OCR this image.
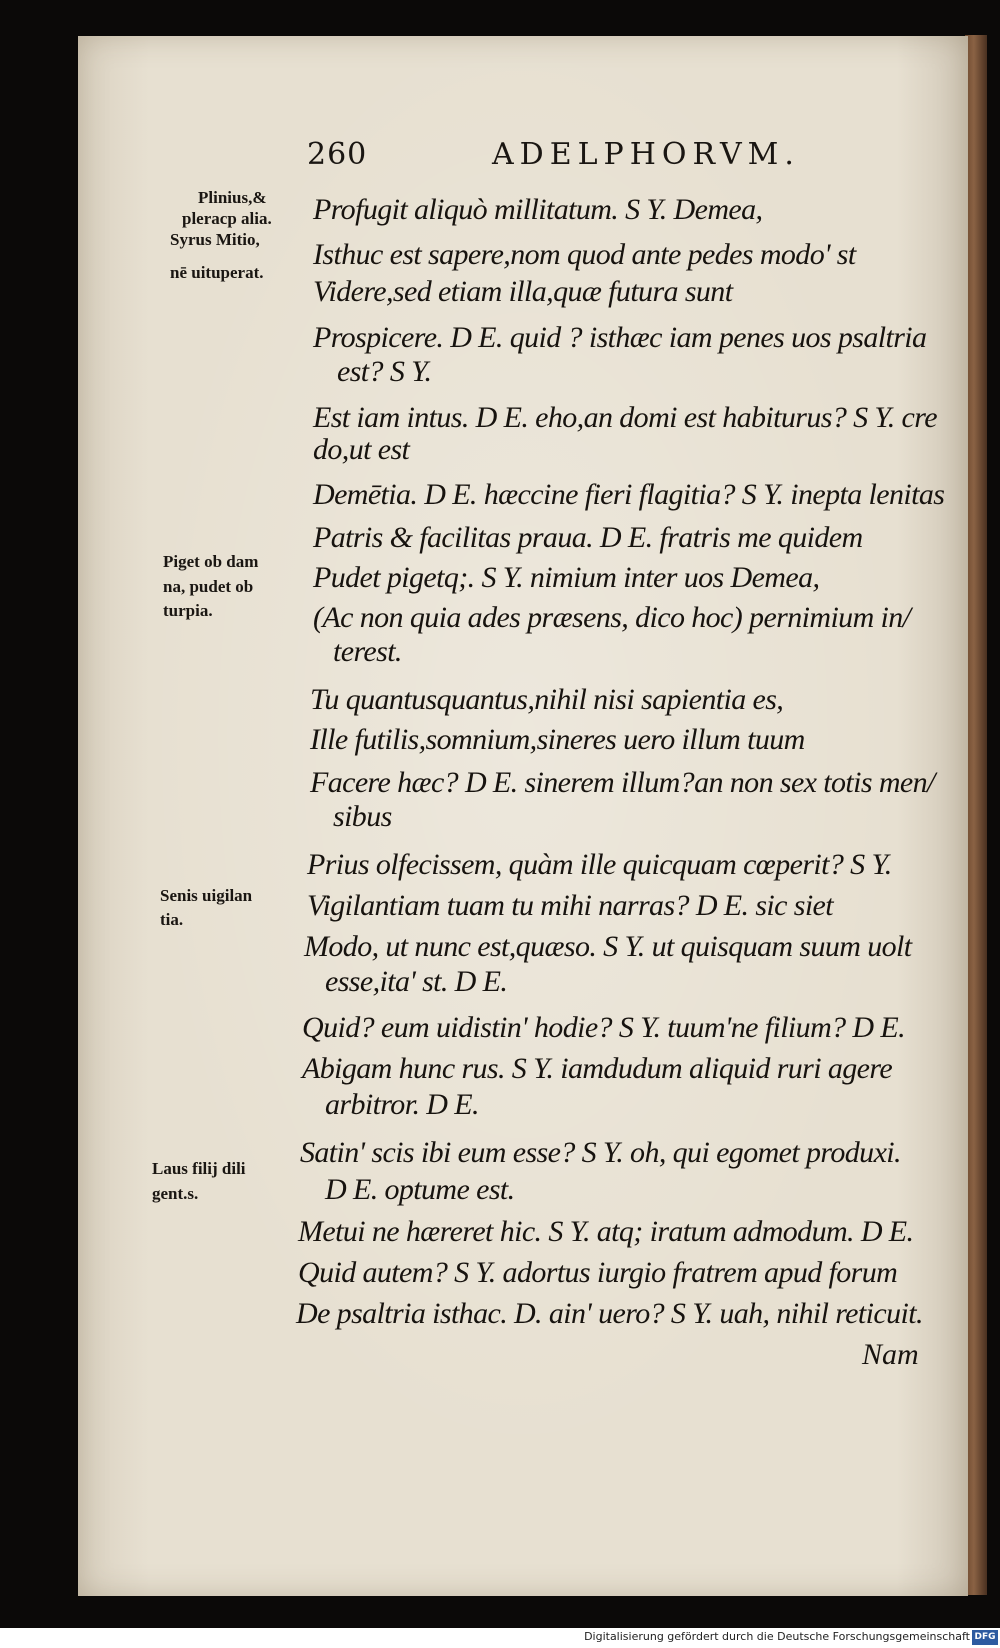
260	ADELPHORVM.
Plinius,&
pleracp alia.
Syrus Mitio,
nē uituperat.
Piget ob dam
na, pudet ob
turpia.
Senis uigilan
tia.
Laus filij dili
gent.s.
Profugit aliquò millitatum. S Y. Demea,
Isthuc est sapere,nom quod ante pedes modo' st
Videre,sed etiam illa,quæ futura sunt
Prospicere. D E. quid ? isthæc iam penes uos psaltria
est? S Y.
Est iam intus. D E. eho,an domi est habiturus? S Y. cre
do,ut est
Demētia. D E. hæccine fieri flagitia? S Y. inepta lenitas
Patris & facilitas praua. D E. fratris me quidem
Pudet pigetq;. S Y. nimium inter uos Demea,
(Ac non quia ades præsens, dico hoc) pernimium in/
terest.
Tu quantusquantus,nihil nisi sapientia es,
Ille futilis,somnium,sineres uero illum tuum
Facere hæc? D E. sinerem illum?an non sex totis men/
sibus
Prius olfecissem, quàm ille quicquam cœperit? S Y.
Vigilantiam tuam tu mihi narras? D E. sic siet
Modo, ut nunc est,quæso. S Y. ut quisquam suum uolt
esse,ita' st. D E.
Quid? eum uidistin' hodie? S Y. tuum'ne filium? D E.
Abigam hunc rus. S Y. iamdudum aliquid ruri agere
arbitror. D E.
Satin' scis ibi eum esse? S Y. oh, qui egomet produxi.
D E. optume est.
Metui ne hæreret hic. S Y. atq; iratum admodum. D E.
Quid autem? S Y. adortus iurgio fratrem apud forum
De psaltria isthac. D. ain' uero? S Y. uah, nihil reticuit.
Nam
Digitalisierung gefördert durch die Deutsche Forschungsgemeinschaft DFG
